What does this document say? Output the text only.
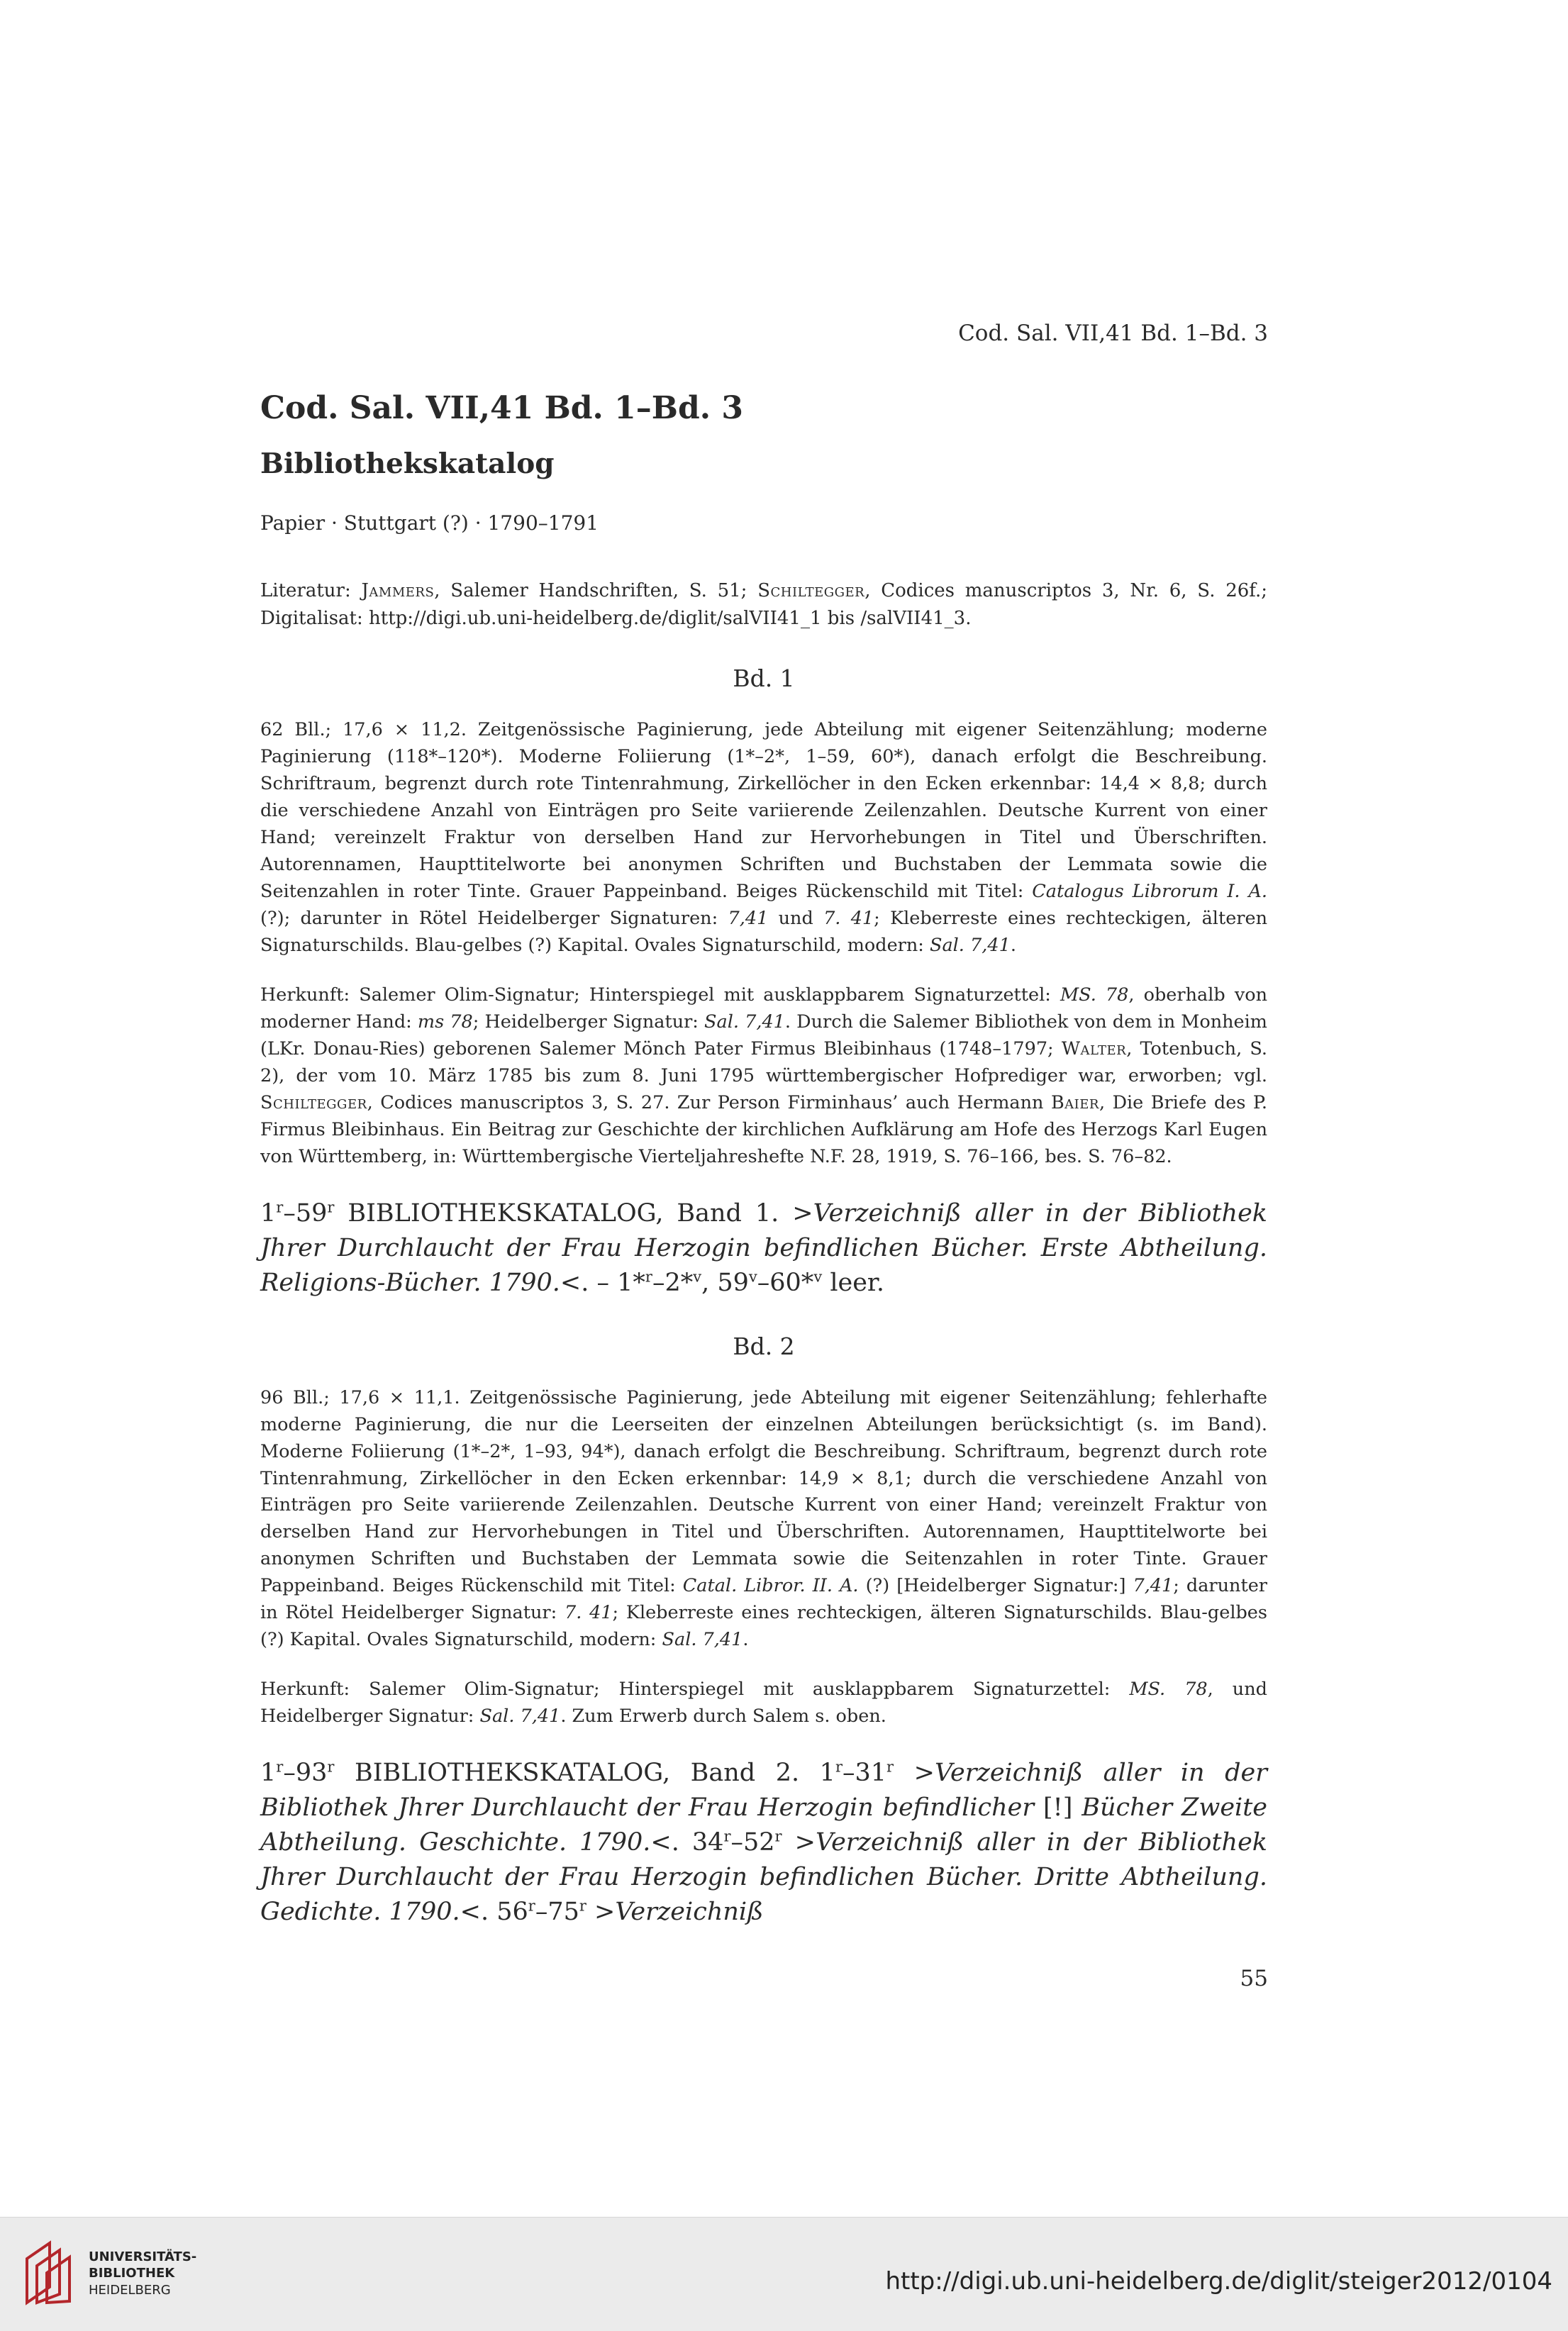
Cod. Sal. VII,41 Bd. 1–Bd. 3
Cod. Sal. VII,41 Bd. 1–Bd. 3
Bibliothekskatalog

Papier · Stuttgart (?) · 1790–1791

Literatur: Jammers, Salemer Handschriften, S. 51; Schiltegger, Codices manuscriptos 3, Nr. 6, S. 26f.; Digitalisat: http://digi.ub.uni-heidelberg.de/diglit/salVII41_1 bis /salVII41_3.

Bd. 1

62 Bll.; 17,6 × 11,2. Zeitgenössische Paginierung, jede Abteilung mit eigener Seitenzählung; moderne Paginierung (118*–120*). Moderne Foliierung (1*–2*, 1–59, 60*), danach erfolgt die Beschreibung. Schriftraum, begrenzt durch rote Tintenrahmung, Zirkellöcher in den Ecken erkennbar: 14,4 × 8,8; durch die verschiedene Anzahl von Einträgen pro Seite variierende Zeilenzahlen. Deutsche Kurrent von einer Hand; vereinzelt Fraktur von derselben Hand zur Hervorhebungen in Titel und Überschriften. Autorennamen, Haupttitelworte bei anonymen Schriften und Buchstaben der Lemmata sowie die Seitenzahlen in roter Tinte. Grauer Pappeinband. Beiges Rückenschild mit Titel: Catalogus Librorum I. A. (?); darunter in Rötel Heidelberger Signaturen: 7,41 und 7. 41; Kleberreste eines rechteckigen, älteren Signaturschilds. Blau-gelbes (?) Kapital. Ovales Signaturschild, modern: Sal. 7,41.

Herkunft: Salemer Olim-Signatur; Hinterspiegel mit ausklappbarem Signaturzettel: MS. 78, oberhalb von moderner Hand: ms 78; Heidelberger Signatur: Sal. 7,41. Durch die Salemer Bibliothek von dem in Monheim (LKr. Donau-Ries) geborenen Salemer Mönch Pater Firmus Bleibinhaus (1748–1797; Walter, Totenbuch, S. 2), der vom 10. März 1785 bis zum 8. Juni 1795 württembergischer Hofprediger war, erworben; vgl. Schiltegger, Codices manuscriptos 3, S. 27. Zur Person Firminhaus’ auch Hermann Baier, Die Briefe des P. Firmus Bleibinhaus. Ein Beitrag zur Geschichte der kirchlichen Aufklärung am Hofe des Herzogs Karl Eugen von Württemberg, in: Württembergische Vierteljahreshefte N.F. 28, 1919, S. 76–166, bes. S. 76–82.

1$^r$–59$^r$ BIBLIOTHEKSKATALOG, Band 1. >Verzeichniß aller in der Bibliothek Jhrer Durchlaucht der Frau Herzogin befindlichen Bücher. Erste Abtheilung. Religions-Bücher. 1790.<. – 1*$^r$–2*$^v$, 59$^v$–60*$^v$ leer.

Bd. 2

96 Bll.; 17,6 × 11,1. Zeitgenössische Paginierung, jede Abteilung mit eigener Seitenzählung; fehlerhafte moderne Paginierung, die nur die Leerseiten der einzelnen Abteilungen berücksichtigt (s. im Band). Moderne Foliierung (1*–2*, 1–93, 94*), danach erfolgt die Beschreibung. Schriftraum, begrenzt durch rote Tintenrahmung, Zirkellöcher in den Ecken erkennbar: 14,9 × 8,1; durch die verschiedene Anzahl von Einträgen pro Seite variierende Zeilenzahlen. Deutsche Kurrent von einer Hand; vereinzelt Fraktur von derselben Hand zur Hervorhebungen in Titel und Überschriften. Autorennamen, Haupttitelworte bei anonymen Schriften und Buchstaben der Lemmata sowie die Seitenzahlen in roter Tinte. Grauer Pappeinband. Beiges Rückenschild mit Titel: Catal. Libror. II. A. (?) [Heidelberger Signatur:] 7,41; darunter in Rötel Heidelberger Signatur: 7. 41; Kleberreste eines rechteckigen, älteren Signaturschilds. Blau-gelbes (?) Kapital. Ovales Signaturschild, modern: Sal. 7,41.

Herkunft: Salemer Olim-Signatur; Hinterspiegel mit ausklappbarem Signaturzettel: MS. 78, und Heidelberger Signatur: Sal. 7,41. Zum Erwerb durch Salem s. oben.

1$^r$–93$^r$ BIBLIOTHEKSKATALOG, Band 2. $1^r-31^r$ >Verzeichniß aller in der Bibliothek Jhrer Durchlaucht der Frau Herzogin befindlicher [!] Bücher Zweite Abtheilung. Geschichte. 1790.<. $34^r-52^r$ >Verzeichniß aller in der Bibliothek Jhrer Durchlaucht der Frau Herzogin befindlichen Bücher. Dritte Abtheilung. Gedichte. 1790.<. $56^r-75^r$ >Verzeichniß

55
UNIVERSITÄTS-
BIBLIOTHEK
HEIDELBERG	http://digi.ub.uni-heidelberg.de/diglit/steiger2012/0104
